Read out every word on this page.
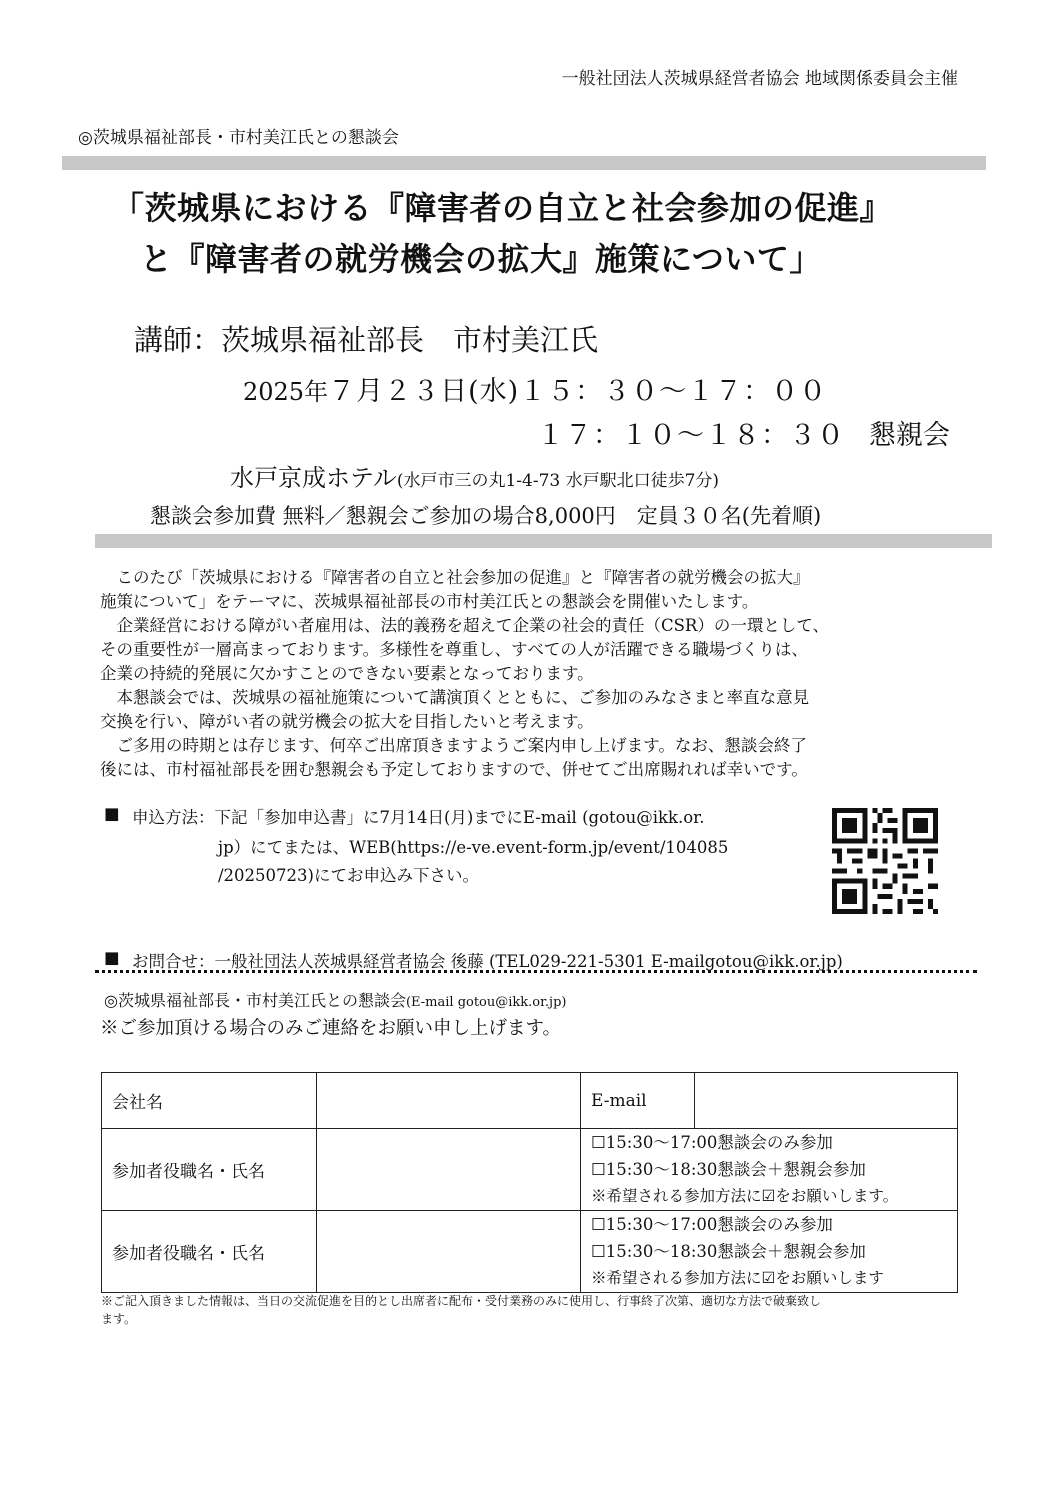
一般社団法人茨城県経営者協会 地域関係委員会主催
◎茨城県福祉部長・市村美江氏との懇談会
「茨城県における『障害者の自立と社会参加の促進』
と『障害者の就労機会の拡大』施策について」
講師：茨城県福祉部長　市村美江氏
2025年７月２３日(水)１５：３０～１７：００
１７：１０～１８：３０ 懇親会
水戸京成ホテル(水戸市三の丸1-4-73 水戸駅北口徒歩7分)
懇談会参加費 無料／懇親会ご参加の場合8,000円　定員３０名(先着順)

　このたび「茨城県における『障害者の自立と社会参加の促進』と『障害者の就労機会の拡大』
施策について」をテーマに、茨城県福祉部長の市村美江氏との懇談会を開催いたします。

　企業経営における障がい者雇用は、法的義務を超えて企業の社会的責任（CSR）の一環として、
その重要性が一層高まっております。多様性を尊重し、すべての人が活躍できる職場づくりは、
企業の持続的発展に欠かすことのできない要素となっております。

　本懇談会では、茨城県の福祉施策について講演頂くとともに、ご参加のみなさまと率直な意見
交換を行い、障がい者の就労機会の拡大を目指したいと考えます。

　ご多用の時期とは存じます、何卒ご出席頂きますようご案内申し上げます。なお、懇談会終了
後には、市村福祉部長を囲む懇親会も予定しておりますので、併せてご出席賜れれば幸いです。

■ 申込方法：下記「参加申込書」に7月14日(月)までにE-mail (gotou@ikk.or.
jp）にてまたは、WEB(https://e-ve.event-form.jp/event/104085
/20250723)にてお申込み下さい。
■ お問合せ：一般社団法人茨城県経営者協会 後藤 (TEL029-221-5301 E-mailgotou@ikk.or.jp)
◎茨城県福祉部長・市村美江氏との懇談会(E-mail gotou@ikk.or.jp)
※ご参加頂ける場合のみご連絡をお願い申し上げます。
会社名		E-mail	
参加者役職名・氏名		☐15:30～17:00懇談会のみ参加
☐15:30～18:30懇談会＋懇親会参加
※希望される参加方法に☑をお願いします。	

参加者役職名・氏名		☐15:30～17:00懇談会のみ参加
☐15:30～18:30懇談会＋懇親会参加
※希望される参加方法に☑をお願いします	
※ご記入頂きました情報は、当日の交流促進を目的とし出席者に配布・受付業務のみに使用し、行事終了次第、適切な方法で破棄致し
ます。
